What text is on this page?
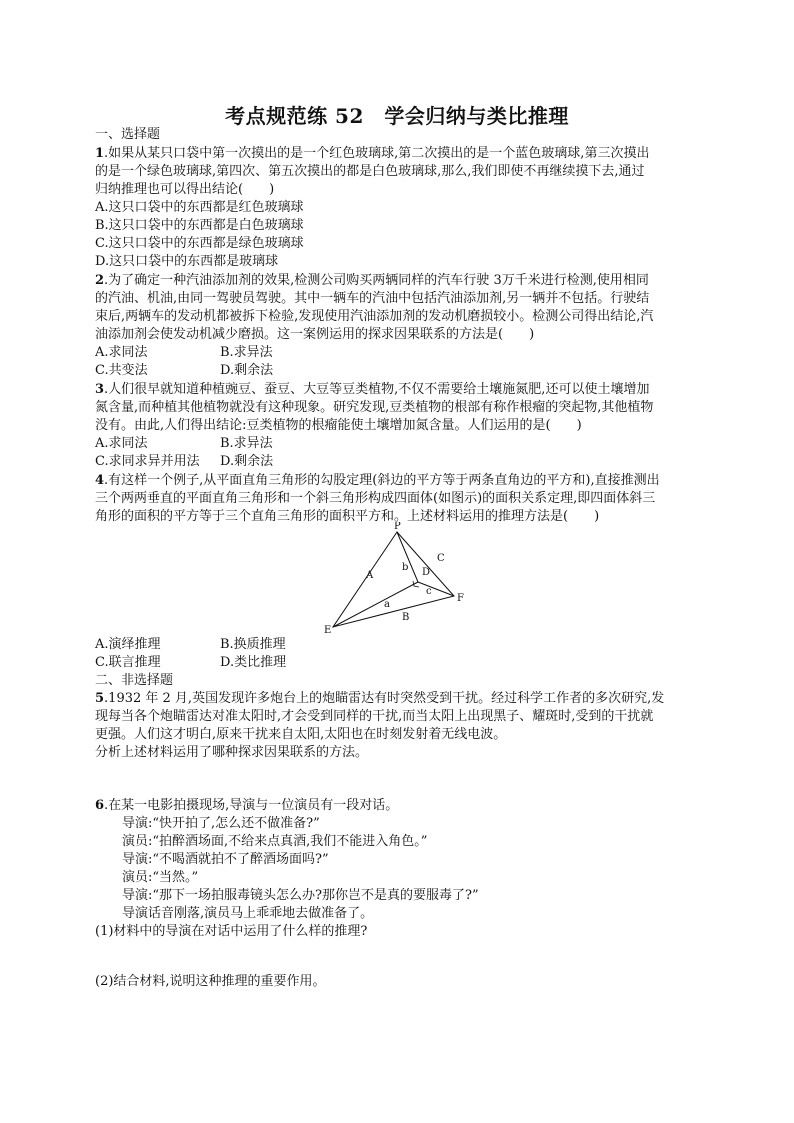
考点规范练 52　学会归纳与类比推理
一、选择题
1.如果从某只口袋中第一次摸出的是一个红色玻璃球,第二次摸出的是一个蓝色玻璃球,第三次摸出
的是一个绿色玻璃球,第四次、第五次摸出的都是白色玻璃球,那么,我们即使不再继续摸下去,通过
归纳推理也可以得出结论(　　)
A.这只口袋中的东西都是红色玻璃球
B.这只口袋中的东西都是白色玻璃球
C.这只口袋中的东西都是绿色玻璃球
D.这只口袋中的东西都是玻璃球
2.为了确定一种汽油添加剂的效果,检测公司购买两辆同样的汽车行驶 3万千米进行检测,使用相同
的汽油、机油,由同一驾驶员驾驶。其中一辆车的汽油中包括汽油添加剂,另一辆并不包括。行驶结
束后,两辆车的发动机都被拆下检验,发现使用汽油添加剂的发动机磨损较小。检测公司得出结论,汽
油添加剂会使发动机减少磨损。这一案例运用的探求因果联系的方法是(　　)
A.求同法	B.求异法
C.共变法	D.剩余法
3.人们很早就知道种植豌豆、蚕豆、大豆等豆类植物,不仅不需要给土壤施氮肥,还可以使土壤增加
氮含量,而种植其他植物就没有这种现象。研究发现,豆类植物的根部有称作根瘤的突起物,其他植物
没有。由此,人们得出结论:豆类植物的根瘤能使土壤增加氮含量。人们运用的是(　　)
A.求同法	B.求异法
C.求同求异并用法 D.剩余法
4.有这样一个例子,从平面直角三角形的勾股定理(斜边的平方等于两条直角边的平方和),直接推测出
三个两两垂直的平面直角三角形和一个斜三角形构成四面体(如图示)的面积关系定理,即四面体斜三
角形的面积的平方等于三个直角三角形的面积平方和。上述材料运用的推理方法是(　　)
P
E
F
A
B
C
D
a
b
c
A.演绎推理	B.换质推理
C.联言推理	D.类比推理
二、非选择题
5.1932 年 2 月,英国发现许多炮台上的炮瞄雷达有时突然受到干扰。经过科学工作者的多次研究,发
现每当各个炮瞄雷达对准太阳时,才会受到同样的干扰,而当太阳上出现黑子、耀斑时,受到的干扰就
更强。人们这才明白,原来干扰来自太阳,太阳也在时刻发射着无线电波。
分析上述材料运用了哪种探求因果联系的方法。
6.在某一电影拍摄现场,导演与一位演员有一段对话。
导演:“快开拍了,怎么还不做准备?”
演员:“拍醉酒场面,不给来点真酒,我们不能进入角色。”
导演:“不喝酒就拍不了醉酒场面吗?”
演员:“当然。”
导演:“那下一场拍服毒镜头怎么办?那你岂不是真的要服毒了?”
导演话音刚落,演员马上乖乖地去做准备了。
(1)材料中的导演在对话中运用了什么样的推理?
(2)结合材料,说明这种推理的重要作用。
